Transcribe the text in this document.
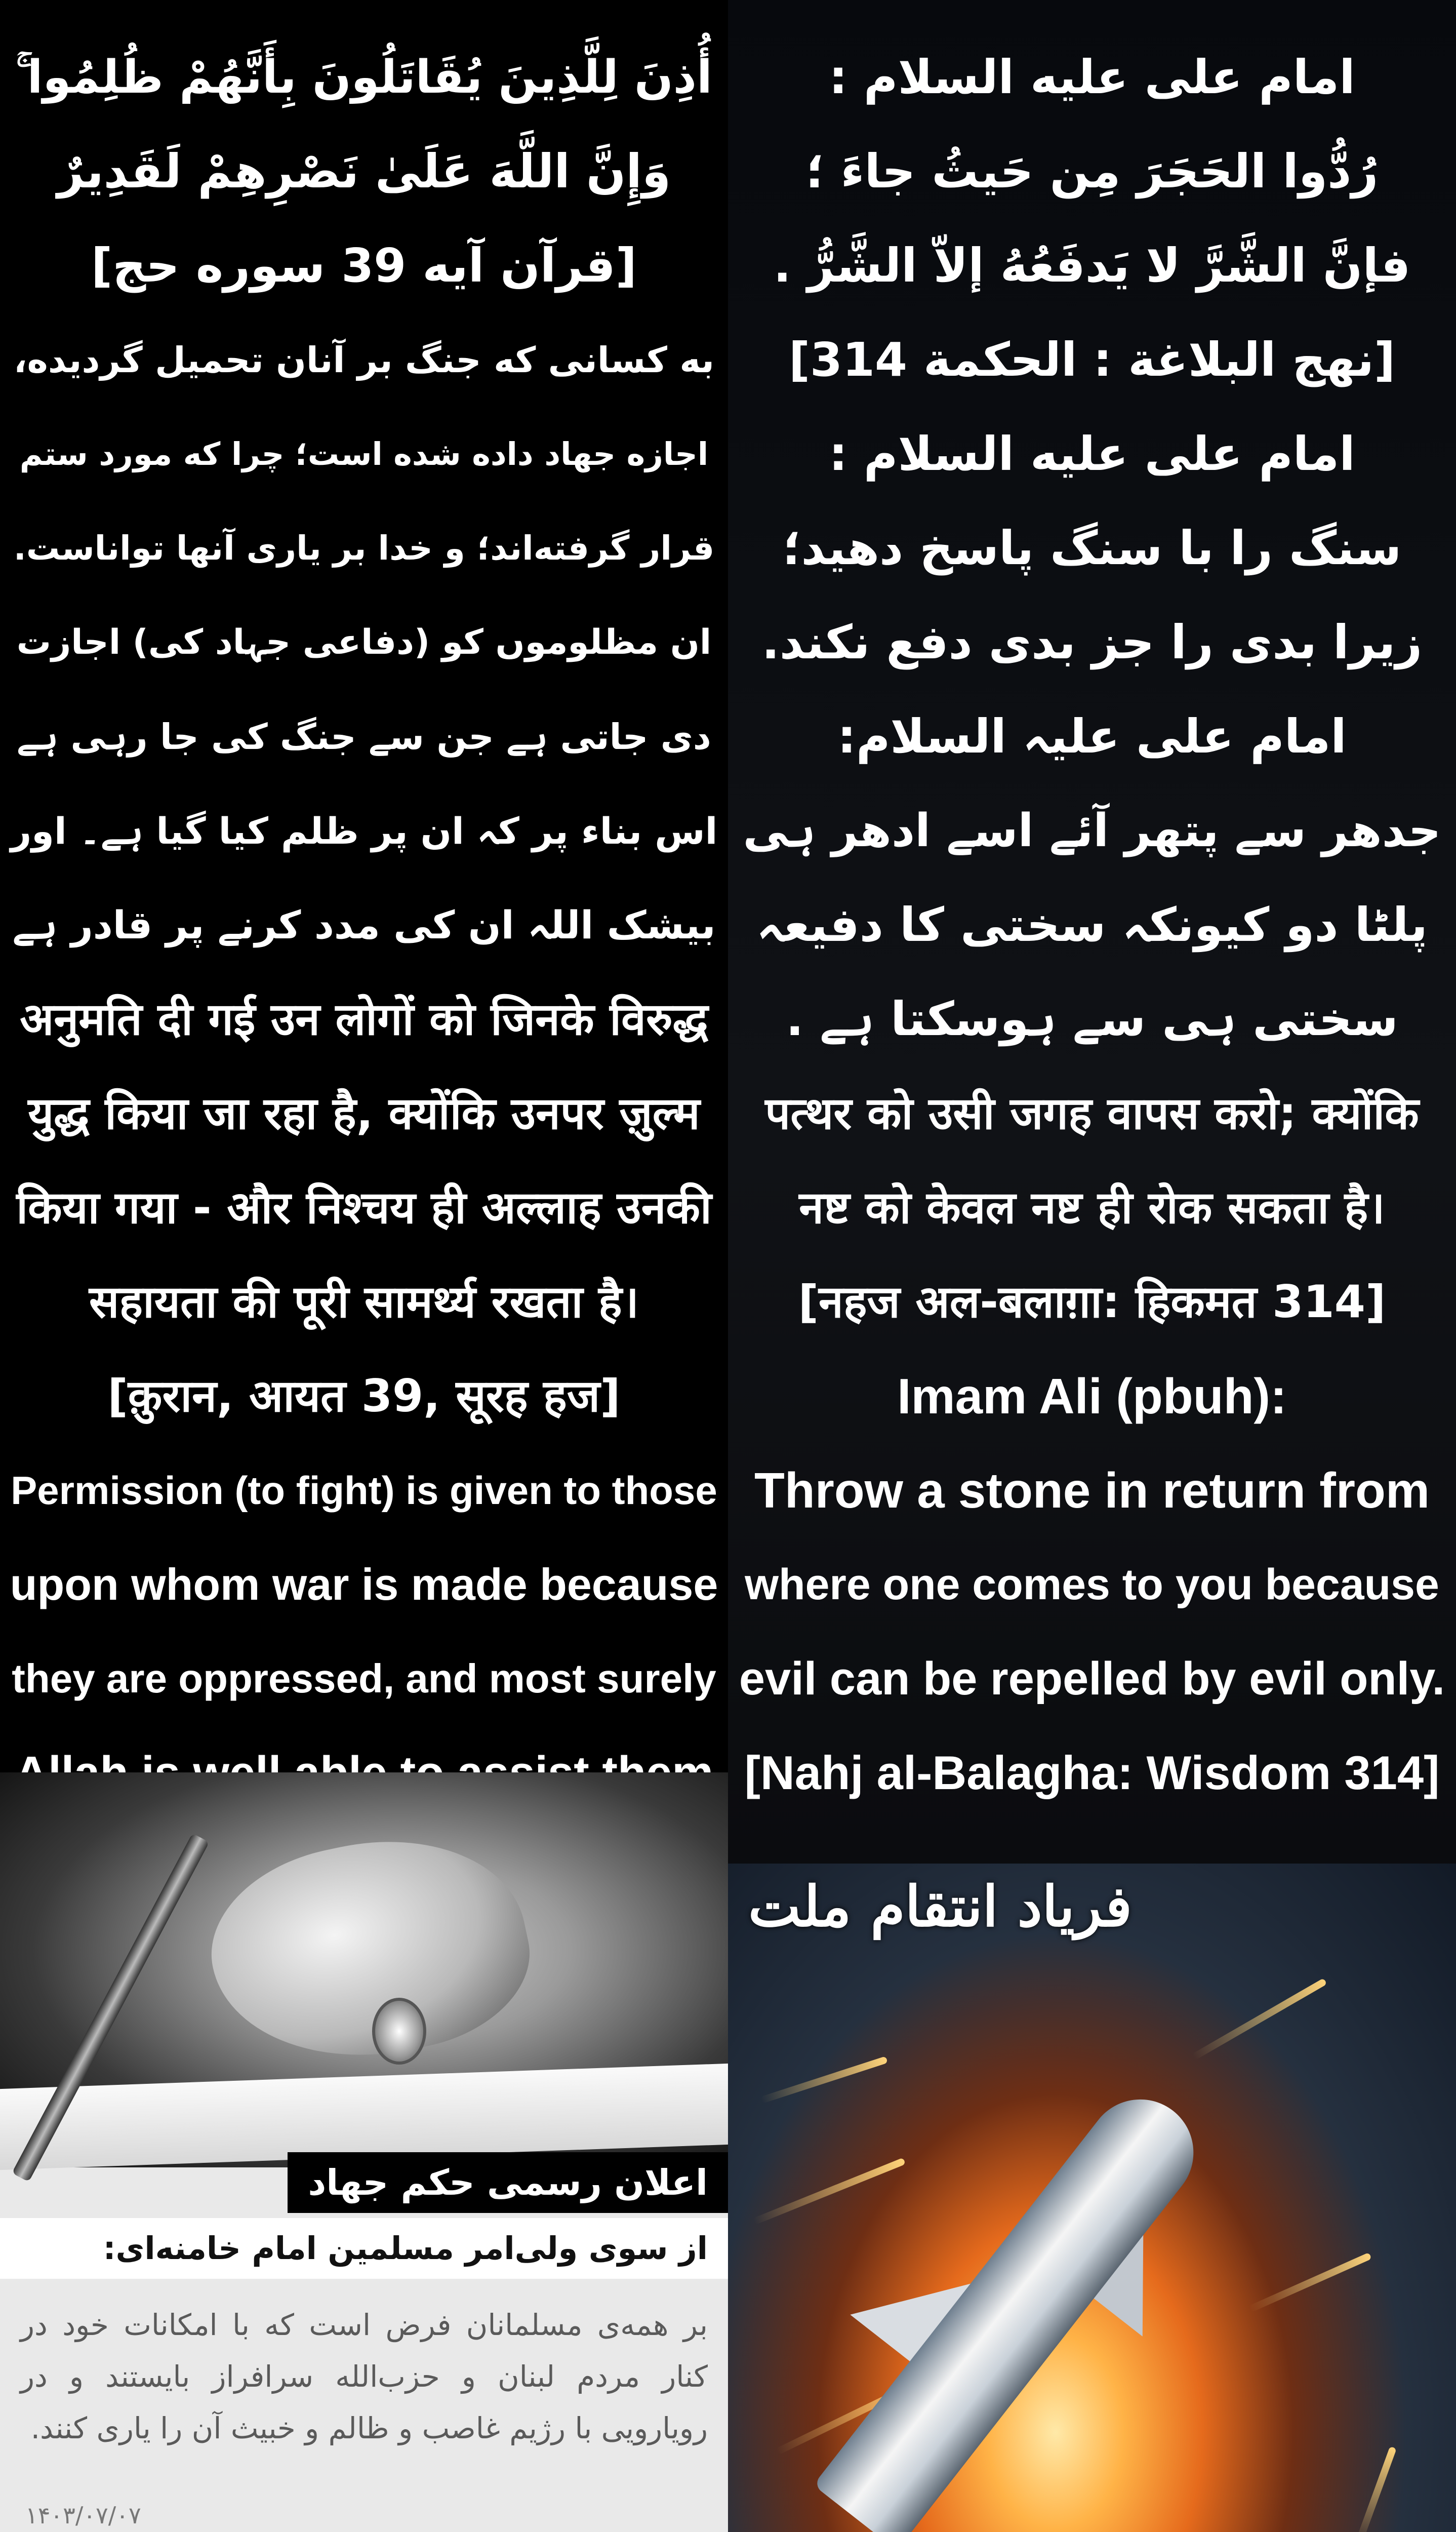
أُذِنَ لِلَّذِينَ يُقَاتَلُونَ بِأَنَّهُمْ ظُلِمُوا ۚ
وَإِنَّ اللَّهَ عَلَىٰ نَصْرِهِمْ لَقَدِيرٌ
[قرآن آیه 39 سوره حج]
به کسانی که جنگ بر آنان تحمیل گردیده،
اجازه جهاد داده شده است؛ چرا که مورد ستم
قرار گرفته‌اند؛ و خدا بر یاری آنها تواناست.
ان مظلوموں کو (دفاعی جہاد کی) اجازت
دی جاتی ہے جن سے جنگ کی جا رہی ہے
اس بناء پر کہ ان پر ظلم کیا گیا ہے۔ اور
بیشک اللہ ان کی مدد کرنے پر قادر ہے
अनुमति दी गई उन लोगों को जिनके विरुद्ध
युद्ध किया जा रहा है, क्योंकि उनपर ज़ुल्म
किया गया - और निश्चय ही अल्लाह उनकी
सहायता की पूरी सामर्थ्य रखता है।
[क़ुरान, आयत 39, सूरह हज]
Permission (to fight) is given to those
upon whom war is made because
they are oppressed, and most surely
امام علی علیه السلام :
رُدُّوا الحَجَرَ مِن حَيثُ جاءَ ؛
فإنَّ الشَّرَّ لا يَدفَعُهُ إلاّ الشَّرُّ .
[نهج البلاغة : الحكمة 314]
امام علی علیه السلام :
سنگ را با سنگ پاسخ دهید؛
زیرا بدی را جز بدی دفع نکند.
امام علی علیہ السلام:
جدھر سے پتھر آئے اسے ادھر ہی
پلٹا دو کیونکہ سختی کا دفیعہ
سختی ہی سے ہوسکتا ہے .
पत्थर को उसी जगह वापस करो; क्योंकि
नष्ट को केवल नष्ट ही रोक सकता है।
[नहज अल-बलाग़ा: हिकमत 314]
Imam Ali (pbuh):
Throw a stone in return from
where one comes to you because
evil can be repelled by evil only.
[Nahj al-Balagha: Wisdom 314]
اعلان رسمی حکم جهاد
از سوی ولی‌امر مسلمین امام خامنه‌ای:
بر همه‌ی مسلمانان فرض است که با امکانات خود در کنار مردم لبنان و حزب‌الله سرافراز بایستند و در رویارویی با رژیم غاصب و ظالم و خبیث آن را یاری کنند.
۱۴۰۳/۰۷/۰۷
فریاد انتقام ملت
